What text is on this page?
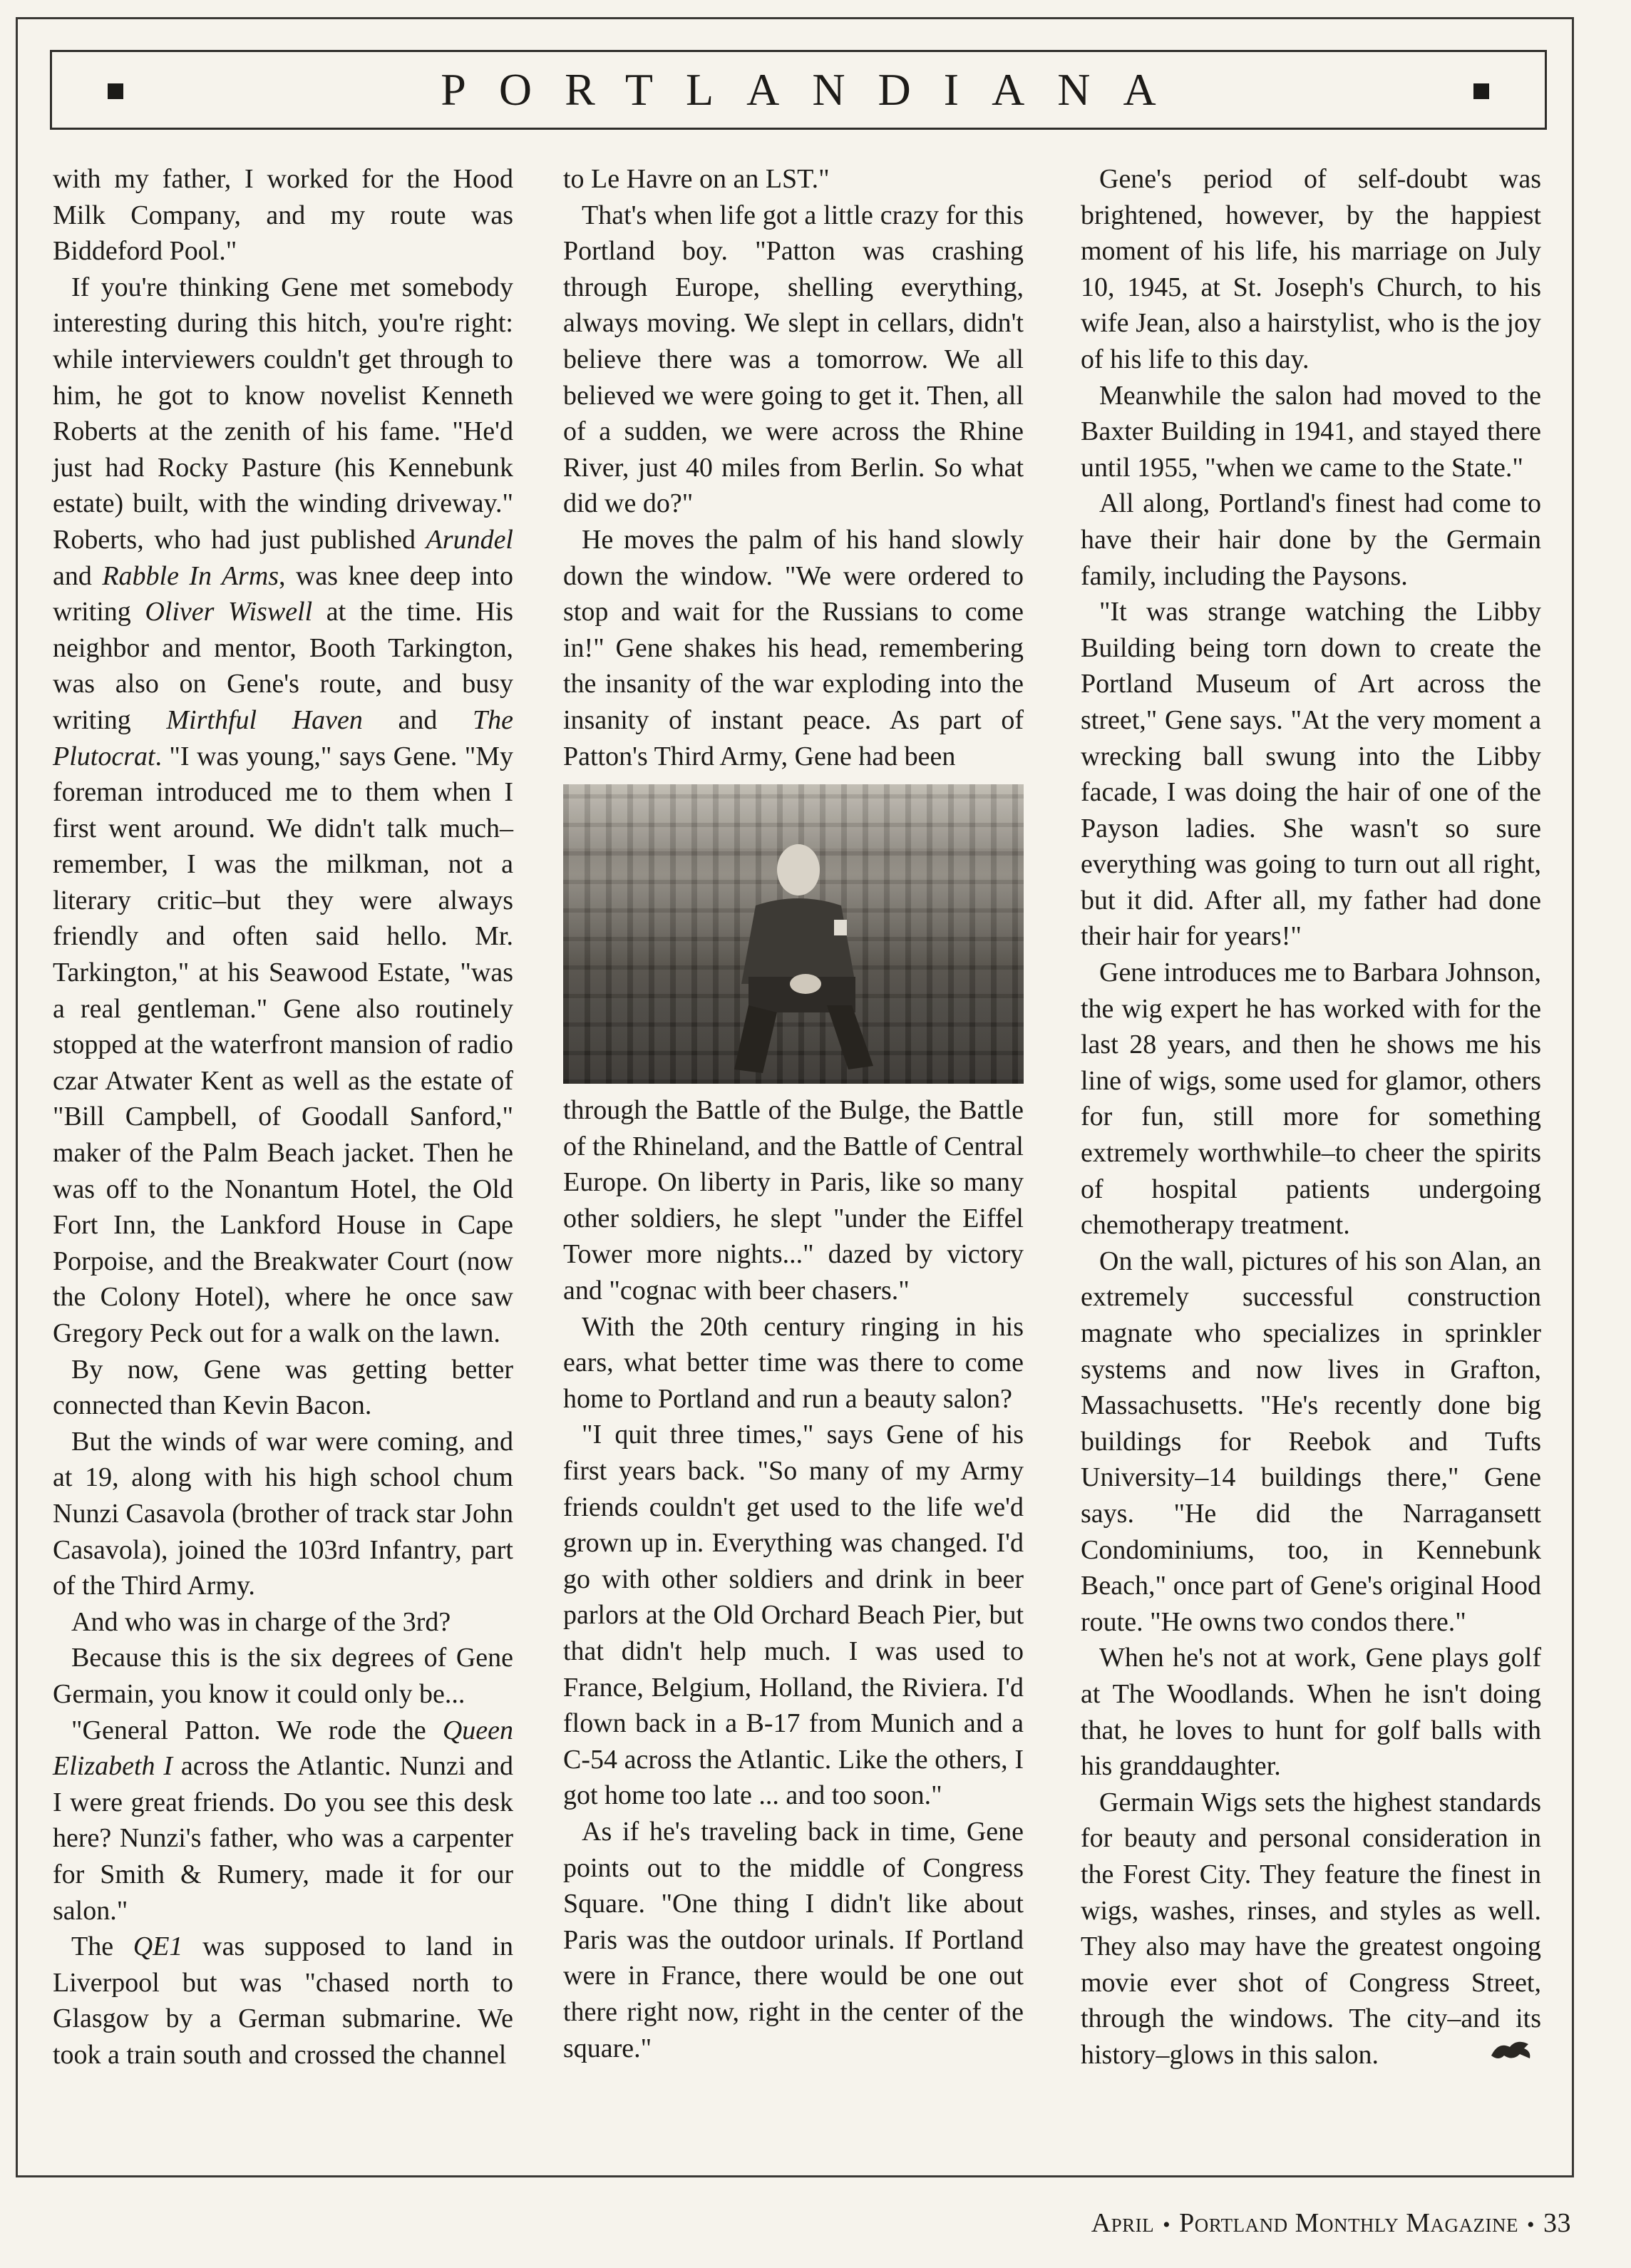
PORTLANDIANA

with my father, I worked for the Hood Milk Company, and my route was Biddeford Pool."

If you're thinking Gene met somebody interesting during this hitch, you're right: while interviewers couldn't get through to him, he got to know novelist Kenneth Roberts at the zenith of his fame. "He'd just had Rocky Pasture (his Kennebunk estate) built, with the winding driveway." Roberts, who had just published Arundel and Rabble In Arms, was knee deep into writing Oliver Wiswell at the time. His neighbor and mentor, Booth Tarkington, was also on Gene's route, and busy writing Mirthful Haven and The Plutocrat. "I was young," says Gene. "My foreman introduced me to them when I first went around. We didn't talk much–remember, I was the milkman, not a literary critic–but they were always friendly and often said hello. Mr. Tarkington," at his Seawood Estate, "was a real gentleman." Gene also routinely stopped at the waterfront mansion of radio czar Atwater Kent as well as the estate of "Bill Campbell, of Goodall Sanford," maker of the Palm Beach jacket. Then he was off to the Nonantum Hotel, the Old Fort Inn, the Lankford House in Cape Porpoise, and the Breakwater Court (now the Colony Hotel), where he once saw Gregory Peck out for a walk on the lawn.

By now, Gene was getting better connected than Kevin Bacon.

But the winds of war were coming, and at 19, along with his high school chum Nunzi Casavola (brother of track star John Casavola), joined the 103rd Infantry, part of the Third Army.

And who was in charge of the 3rd?

Because this is the six degrees of Gene Germain, you know it could only be...

"General Patton. We rode the Queen Elizabeth I across the Atlantic. Nunzi and I were great friends. Do you see this desk here? Nunzi's father, who was a carpenter for Smith & Rumery, made it for our salon."

The QE1 was supposed to land in Liverpool but was "chased north to Glasgow by a German submarine. We took a train south and crossed the channel

to Le Havre on an LST."

That's when life got a little crazy for this Portland boy. "Patton was crashing through Europe, shelling everything, always moving. We slept in cellars, didn't believe there was a tomorrow. We all believed we were going to get it. Then, all of a sudden, we were across the Rhine River, just 40 miles from Berlin. So what did we do?"

He moves the palm of his hand slowly down the window. "We were ordered to stop and wait for the Russians to come in!" Gene shakes his head, remembering the insanity of the war exploding into the insanity of instant peace. As part of Patton's Third Army, Gene had been

through the Battle of the Bulge, the Battle of the Rhineland, and the Battle of Central Europe. On liberty in Paris, like so many other soldiers, he slept "under the Eiffel Tower more nights..." dazed by victory and "cognac with beer chasers."

With the 20th century ringing in his ears, what better time was there to come home to Portland and run a beauty salon?

"I quit three times," says Gene of his first years back. "So many of my Army friends couldn't get used to the life we'd grown up in. Everything was changed. I'd go with other soldiers and drink in beer parlors at the Old Orchard Beach Pier, but that didn't help much. I was used to France, Belgium, Holland, the Riviera. I'd flown back in a B-17 from Munich and a C-54 across the Atlantic. Like the others, I got home too late ... and too soon."

As if he's traveling back in time, Gene points out to the middle of Congress Square. "One thing I didn't like about Paris was the outdoor urinals. If Portland were in France, there would be one out there right now, right in the center of the square."

Gene's period of self-doubt was brightened, however, by the happiest moment of his life, his marriage on July 10, 1945, at St. Joseph's Church, to his wife Jean, also a hairstylist, who is the joy of his life to this day.

Meanwhile the salon had moved to the Baxter Building in 1941, and stayed there until 1955, "when we came to the State."

All along, Portland's finest had come to have their hair done by the Germain family, including the Paysons.

"It was strange watching the Libby Building being torn down to create the Portland Museum of Art across the street," Gene says. "At the very moment a wrecking ball swung into the Libby facade, I was doing the hair of one of the Payson ladies. She wasn't so sure everything was going to turn out all right, but it did. After all, my father had done their hair for years!"

Gene introduces me to Barbara Johnson, the wig expert he has worked with for the last 28 years, and then he shows me his line of wigs, some used for glamor, others for fun, still more for something extremely worthwhile–to cheer the spirits of hospital patients undergoing chemotherapy treatment.

On the wall, pictures of his son Alan, an extremely successful construction magnate who specializes in sprinkler systems and now lives in Grafton, Massachusetts. "He's recently done big buildings for Reebok and Tufts University–14 buildings there," Gene says. "He did the Narragansett Condominiums, too, in Kennebunk Beach," once part of Gene's original Hood route. "He owns two condos there."

When he's not at work, Gene plays golf at The Woodlands. When he isn't doing that, he loves to hunt for golf balls with his granddaughter.

Germain Wigs sets the highest standards for beauty and personal consideration in the Forest City. They feature the finest in wigs, washes, rinses, and styles as well. They also may have the greatest ongoing movie ever shot of Congress Street, through the windows. The city–and its history–glows in this salon.

April • Portland Monthly Magazine • 33
